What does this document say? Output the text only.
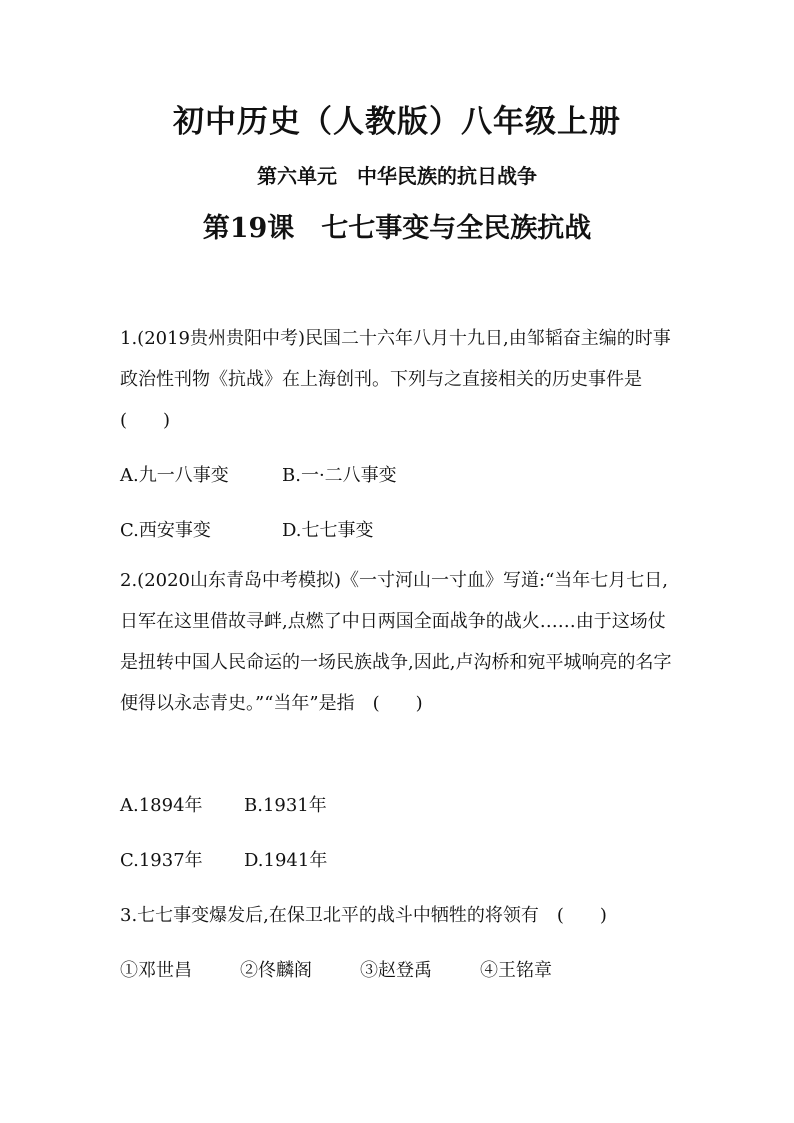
初中历史（人教版）八年级上册
第六单元　中华民族的抗日战争
第19课　七七事变与全民族抗战
1.(2019贵州贵阳中考)民国二十六年八月十九日,由邹韬奋主编的时事政治性刊物《抗战》在上海创刊。下列与之直接相关的历史事件是　(　　)
A.九一八事变	B.一·二八事变
C.西安事变	D.七七事变
2.(2020山东青岛中考模拟)《一寸河山一寸血》写道:“当年七月七日,日军在这里借故寻衅,点燃了中日两国全面战争的战火……由于这场仗是扭转中国人民命运的一场民族战争,因此,卢沟桥和宛平城响亮的名字便得以永志青史。”“当年”是指　(　　)
A.1894年 B.1931年
C.1937年 D.1941年
3.七七事变爆发后,在保卫北平的战斗中牺牲的将领有　(　　)
①邓世昌	②佟麟阁	③赵登禹	④王铭章
